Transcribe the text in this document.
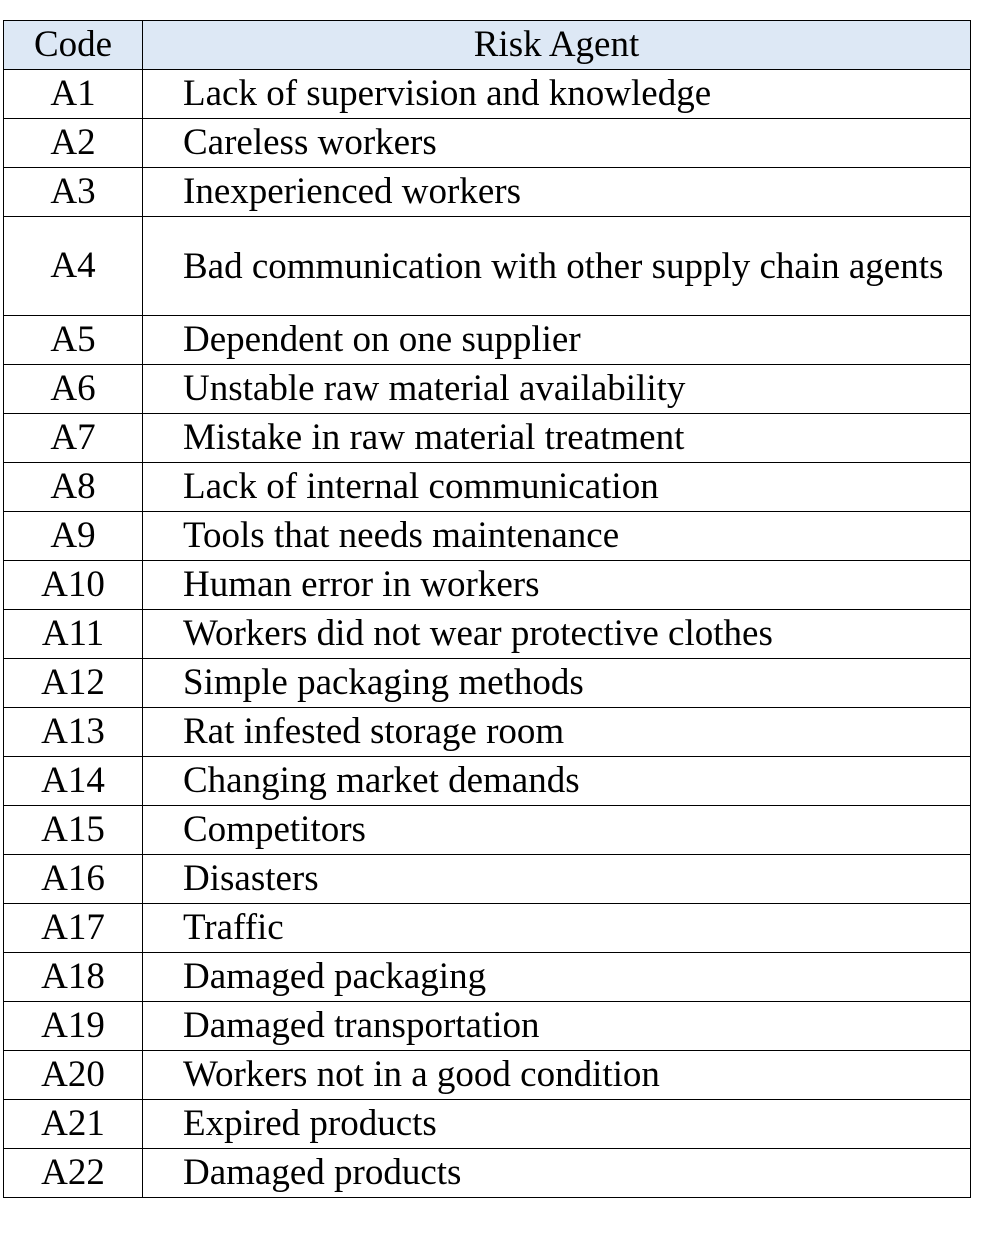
Code	Risk Agent
A1	Lack of supervision and knowledge
A2	Careless workers
A3	Inexperienced workers
A4	Bad communication with other supply chain agents
A5	Dependent on one supplier
A6	Unstable raw material availability
A7	Mistake in raw material treatment
A8	Lack of internal communication
A9	Tools that needs maintenance
A10	Human error in workers
A11	Workers did not wear protective clothes
A12	Simple packaging methods
A13	Rat infested storage room
A14	Changing market demands
A15	Competitors
A16	Disasters
A17	Traffic
A18	Damaged packaging
A19	Damaged transportation
A20	Workers not in a good condition
A21	Expired products
A22	Damaged products
